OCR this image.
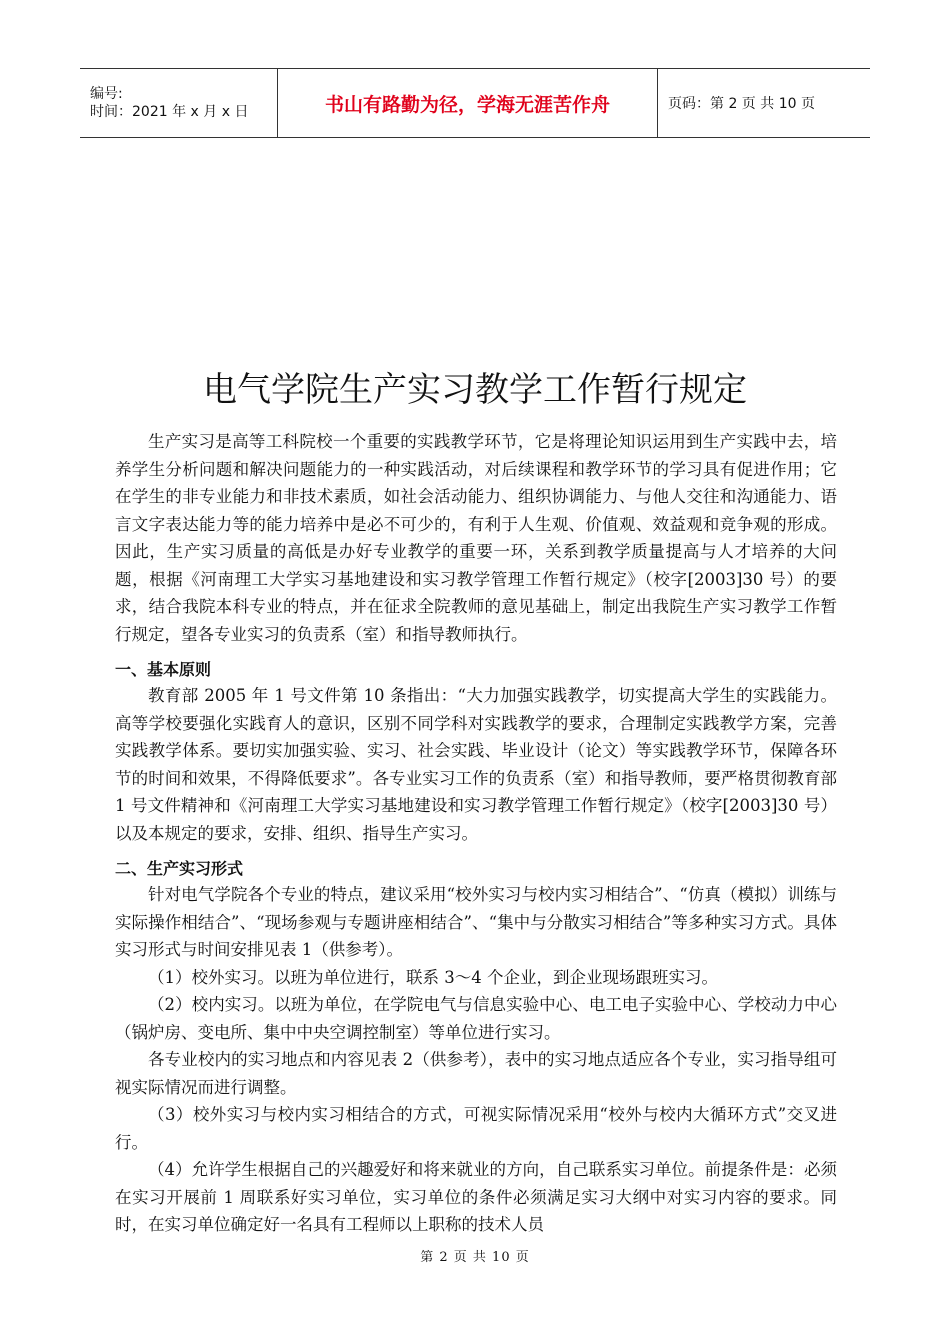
编号:
时间：2021 年 x 月 x 日	书山有路勤为径，学海无涯苦作舟	页码：第 2 页 共 10 页
电气学院生产实习教学工作暂行规定

生产实习是高等工科院校一个重要的实践教学环节，它是将理论知识运用到生产实践中去，培养学生分析问题和解决问题能力的一种实践活动，对后续课程和教学环节的学习具有促进作用；它在学生的非专业能力和非技术素质，如社会活动能力、组织协调能力、与他人交往和沟通能力、语言文字表达能力等的能力培养中是必不可少的，有利于人生观、价值观、效益观和竞争观的形成。因此，生产实习质量的高低是办好专业教学的重要一环，关系到教学质量提高与人才培养的大问题，根据《河南理工大学实习基地建设和实习教学管理工作暂行规定》（校字[2003]30 号）的要求，结合我院本科专业的特点，并在征求全院教师的意见基础上，制定出我院生产实习教学工作暂行规定，望各专业实习的负责系（室）和指导教师执行。

一、基本原则

教育部 2005 年 1 号文件第 10 条指出：“大力加强实践教学，切实提高大学生的实践能力。高等学校要强化实践育人的意识，区别不同学科对实践教学的要求，合理制定实践教学方案，完善实践教学体系。要切实加强实验、实习、社会实践、毕业设计（论文）等实践教学环节，保障各环节的时间和效果，不得降低要求”。各专业实习工作的负责系（室）和指导教师，要严格贯彻教育部 1 号文件精神和《河南理工大学实习基地建设和实习教学管理工作暂行规定》（校字[2003]30 号）以及本规定的要求，安排、组织、指导生产实习。

二、生产实习形式

针对电气学院各个专业的特点，建议采用“校外实习与校内实习相结合”、“仿真（模拟）训练与实际操作相结合”、“现场参观与专题讲座相结合”、“集中与分散实习相结合”等多种实习方式。具体实习形式与时间安排见表 1（供参考）。

（1）校外实习。以班为单位进行，联系 3～4 个企业，到企业现场跟班实习。

（2）校内实习。以班为单位，在学院电气与信息实验中心、电工电子实验中心、学校动力中心（锅炉房、变电所、集中中央空调控制室）等单位进行实习。

各专业校内的实习地点和内容见表 2（供参考），表中的实习地点适应各个专业，实习指导组可视实际情况而进行调整。

（3）校外实习与校内实习相结合的方式，可视实际情况采用“校外与校内大循环方式”交叉进行。

（4）允许学生根据自己的兴趣爱好和将来就业的方向，自己联系实习单位。前提条件是：必须在实习开展前 1 周联系好实习单位，实习单位的条件必须满足实习大纲中对实习内容的要求。同时，在实习单位确定好一名具有工程师以上职称的技术人员

第 2 页 共 10 页
